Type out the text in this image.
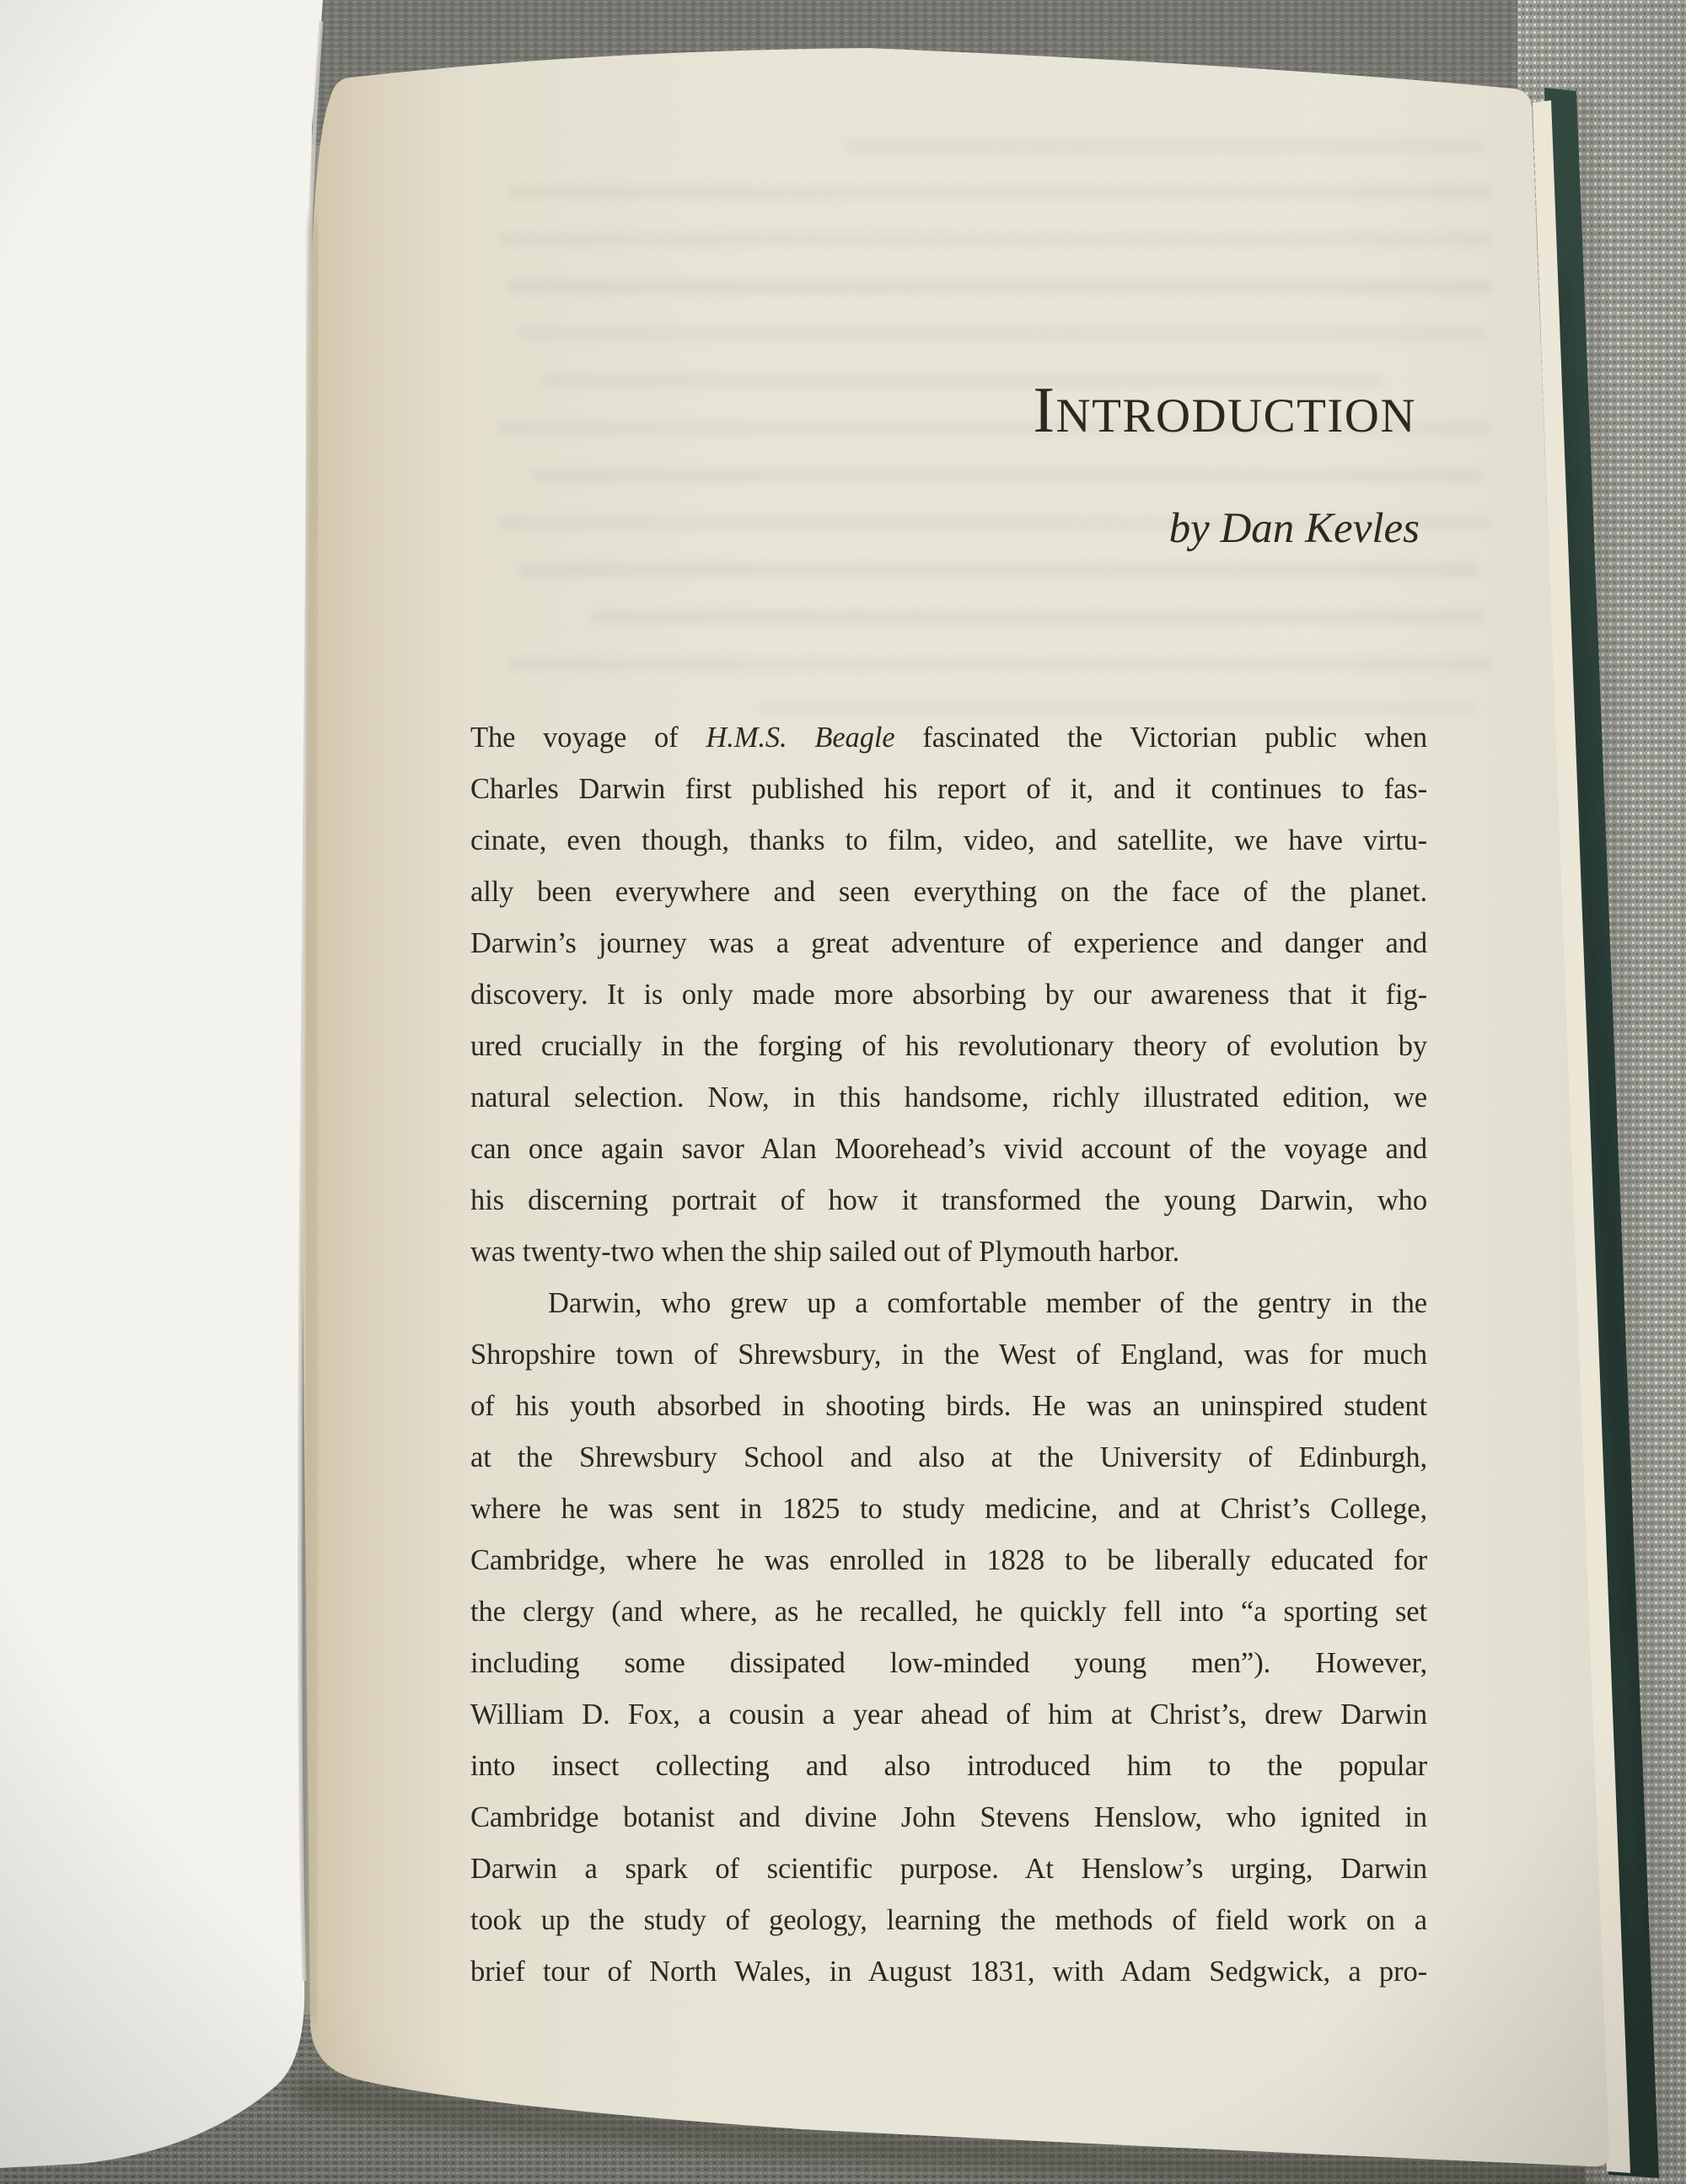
INTRODUCTION
by Dan Kevles
The voyage of H.M.S. Beagle fascinated the Victorian public when
Charles Darwin first published his report of it, and it continues to fas-
cinate, even though, thanks to film, video, and satellite, we have virtu-
ally been everywhere and seen everything on the face of the planet.
Darwin’s journey was a great adventure of experience and danger and
discovery. It is only made more absorbing by our awareness that it fig-
ured crucially in the forging of his revolutionary theory of evolution by
natural selection. Now, in this handsome, richly illustrated edition, we
can once again savor Alan Moorehead’s vivid account of the voyage and
his discerning portrait of how it transformed the young Darwin, who
was twenty-two when the ship sailed out of Plymouth harbor.
Darwin, who grew up a comfortable member of the gentry in the
Shropshire town of Shrewsbury, in the West of England, was for much
of his youth absorbed in shooting birds. He was an uninspired student
at the Shrewsbury School and also at the University of Edinburgh,
where he was sent in 1825 to study medicine, and at Christ’s College,
Cambridge, where he was enrolled in 1828 to be liberally educated for
the clergy (and where, as he recalled, he quickly fell into “a sporting set
including some dissipated low-minded young men”). However,
William D. Fox, a cousin a year ahead of him at Christ’s, drew Darwin
into insect collecting and also introduced him to the popular
Cambridge botanist and divine John Stevens Henslow, who ignited in
Darwin a spark of scientific purpose. At Henslow’s urging, Darwin
took up the study of geology, learning the methods of field work on a
brief tour of North Wales, in August 1831, with Adam Sedgwick, a pro-
